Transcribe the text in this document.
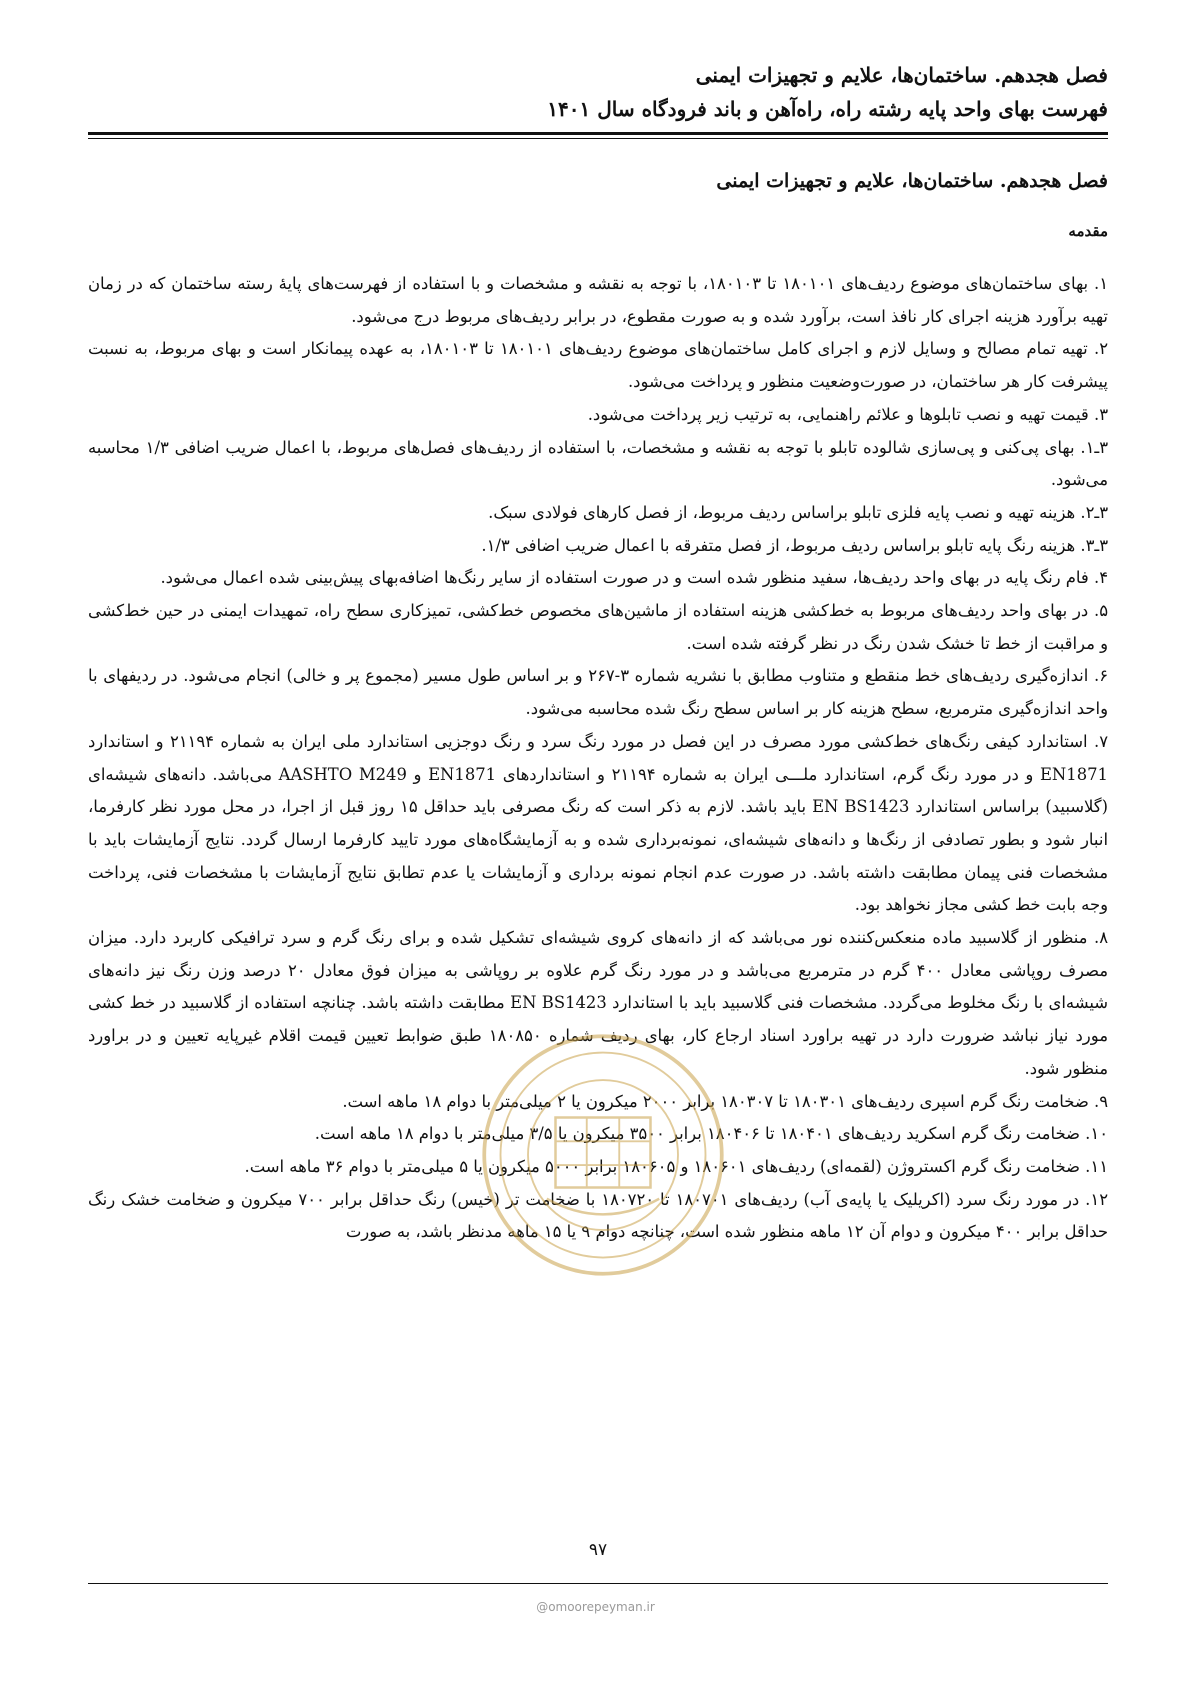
فصل هجدهم. ساختمان‌ها، علایم و تجهیزات ایمنی
فهرست بهای واحد پایه رشته راه، راه‌آهن و باند فرودگاه سال ۱۴۰۱
فصل هجدهم. ساختمان‌ها، علایم و تجهیزات ایمنی
مقدمه

۱. بهای ساختمان‌های موضوع ردیف‌های ۱۸۰۱۰۱ تا ۱۸۰۱۰۳، با توجه به نقشه و مشخصات و با استفاده از فهرست‌های پایهٔ رسته ساختمان که در زمان تهیه برآورد هزینه اجرای کار نافذ است، برآورد شده و به صورت مقطوع، در برابر ردیف‌های مربوط درج می‌شود.

۲. تهیه تمام مصالح و وسایل لازم و اجرای کامل ساختمان‌های موضوع ردیف‌های ۱۸۰۱۰۱ تا ۱۸۰۱۰۳، به عهده پیمانکار است و بهای مربوط، به نسبت پیشرفت کار هر ساختمان، در صورت‌وضعیت منظور و پرداخت می‌شود.

۳. قیمت تهیه و نصب تابلوها و علائم راهنمایی، به ترتیب زیر پرداخت می‌شود.

۳ـ۱. بهای پی‌کنی و پی‌سازی شالوده تابلو با توجه به نقشه و مشخصات، با استفاده از ردیف‌های فصل‌های مربوط، با اعمال ضریب اضافی ۱/۳ محاسبه می‌شود.

۳ـ۲. هزینه تهیه و نصب پایه فلزی تابلو براساس ردیف مربوط، از فصل کارهای فولادی سبک.

۳ـ۳. هزینه رنگ پایه تابلو براساس ردیف مربوط، از فصل متفرقه با اعمال ضریب اضافی ۱/۳.

۴. فام رنگ پایه در بهای واحد ردیف‌ها، سفید منظور شده است و در صورت استفاده از سایر رنگ‌ها اضافه‌بهای پیش‌بینی شده اعمال می‌شود.

۵. در بهای واحد ردیف‌های مربوط به خط‌کشی هزینه استفاده از ماشین‌های مخصوص خط‌کشی، تمیزکاری سطح راه، تمهیدات ایمنی در حین خط‌کشی و مراقبت از خط تا خشک شدن رنگ در نظر گرفته شده است.

۶. اندازه‌گیری ردیف‌های خط منقطع و متناوب مطابق با نشریه شماره ۳-۲۶۷ و بر اساس طول مسیر (مجموع پر و خالی) انجام می‌شود. در ردیفهای با واحد اندازه‌گیری مترمربع، سطح هزینه کار بر اساس سطح رنگ شده محاسبه می‌شود.

۷. استاندارد کیفی رنگ‌های خط‌کشی مورد مصرف در این فصل در مورد رنگ سرد و رنگ دوجزیی استاندارد ملی ایران به شماره ۲۱۱۹۴ و استاندارد EN1871 و در مورد رنگ گرم، استاندارد ملـــی ایران به شماره ۲۱۱۹۴ و استانداردهای EN1871 و AASHTO M249 می‌باشد. دانه‌های شیشه‌ای (گلاسبید) براساس استاندارد EN BS1423 باید باشد. لازم به ذکر است که رنگ مصرفی باید حداقل ۱۵ روز قبل از اجرا، در محل مورد نظر کارفرما، انبار شود و بطور تصادفی از رنگ‌ها و دانه‌های شیشه‌ای، نمونه‌برداری شده و به آزمایشگاه‌های مورد تایید کارفرما ارسال گردد. نتایج آزمایشات باید با مشخصات فنی پیمان مطابقت داشته باشد. در صورت عدم انجام نمونه برداری و آزمایشات یا عدم تطابق نتایج آزمایشات با مشخصات فنی، پرداخت وجه بابت خط کشی مجاز نخواهد بود.

۸. منظور از گلاسبید ماده منعکس‌کننده نور می‌باشد که از دانه‌های کروی شیشه‌ای تشکیل شده و برای رنگ گرم و سرد ترافیکی کاربرد دارد. میزان مصرف روپاشی معادل ۴۰۰ گرم در مترمربع می‌باشد و در مورد رنگ گرم علاوه بر روپاشی به میزان فوق معادل ۲۰ درصد وزن رنگ نیز دانه‌های شیشه‌ای با رنگ مخلوط می‌گردد. مشخصات فنی گلاسبید باید با استاندارد EN BS1423 مطابقت داشته باشد. چنانچه استفاده از گلاسبید در خط کشی مورد نیاز نباشد ضرورت دارد در تهیه براورد اسناد ارجاع کار، بهای ردیف شماره ۱۸۰۸۵۰ طبق ضوابط تعیین قیمت اقلام غیرپایه تعیین و در براورد منظور شود.

۹. ضخامت رنگ گرم اسپری ردیف‌های ۱۸۰۳۰۱ تا ۱۸۰۳۰۷ برابر ۲۰۰۰ میکرون یا ۲ میلی‌متر با دوام ۱۸ ماهه است.

۱۰. ضخامت رنگ گرم اسکرید ردیف‌های ۱۸۰۴۰۱ تا ۱۸۰۴۰۶ برابر ۳۵۰۰ میکرون یا ۳/۵ میلی‌متر با دوام ۱۸ ماهه است.

۱۱. ضخامت رنگ گرم اکستروژن (لقمه‌ای) ردیف‌های ۱۸۰۶۰۱ و ۱۸۰۶۰۵ برابر ۵۰۰۰ میکرون یا ۵ میلی‌متر با دوام ۳۶ ماهه است.

۱۲. در مورد رنگ سرد (اکریلیک یا پایه‌ی آب) ردیف‌های ۱۸۰۷۰۱ تا ۱۸۰۷۲۰ با ضخامت تر (خیس) رنگ حداقل برابر ۷۰۰ میکرون و ضخامت خشک رنگ حداقل برابر ۴۰۰ میکرون و دوام آن ۱۲ ماهه منظور شده است، چنانچه دوام ۹ یا ۱۵ ماهه مدنظر باشد، به صورت

۹۷
@omoorepeyman.ir
